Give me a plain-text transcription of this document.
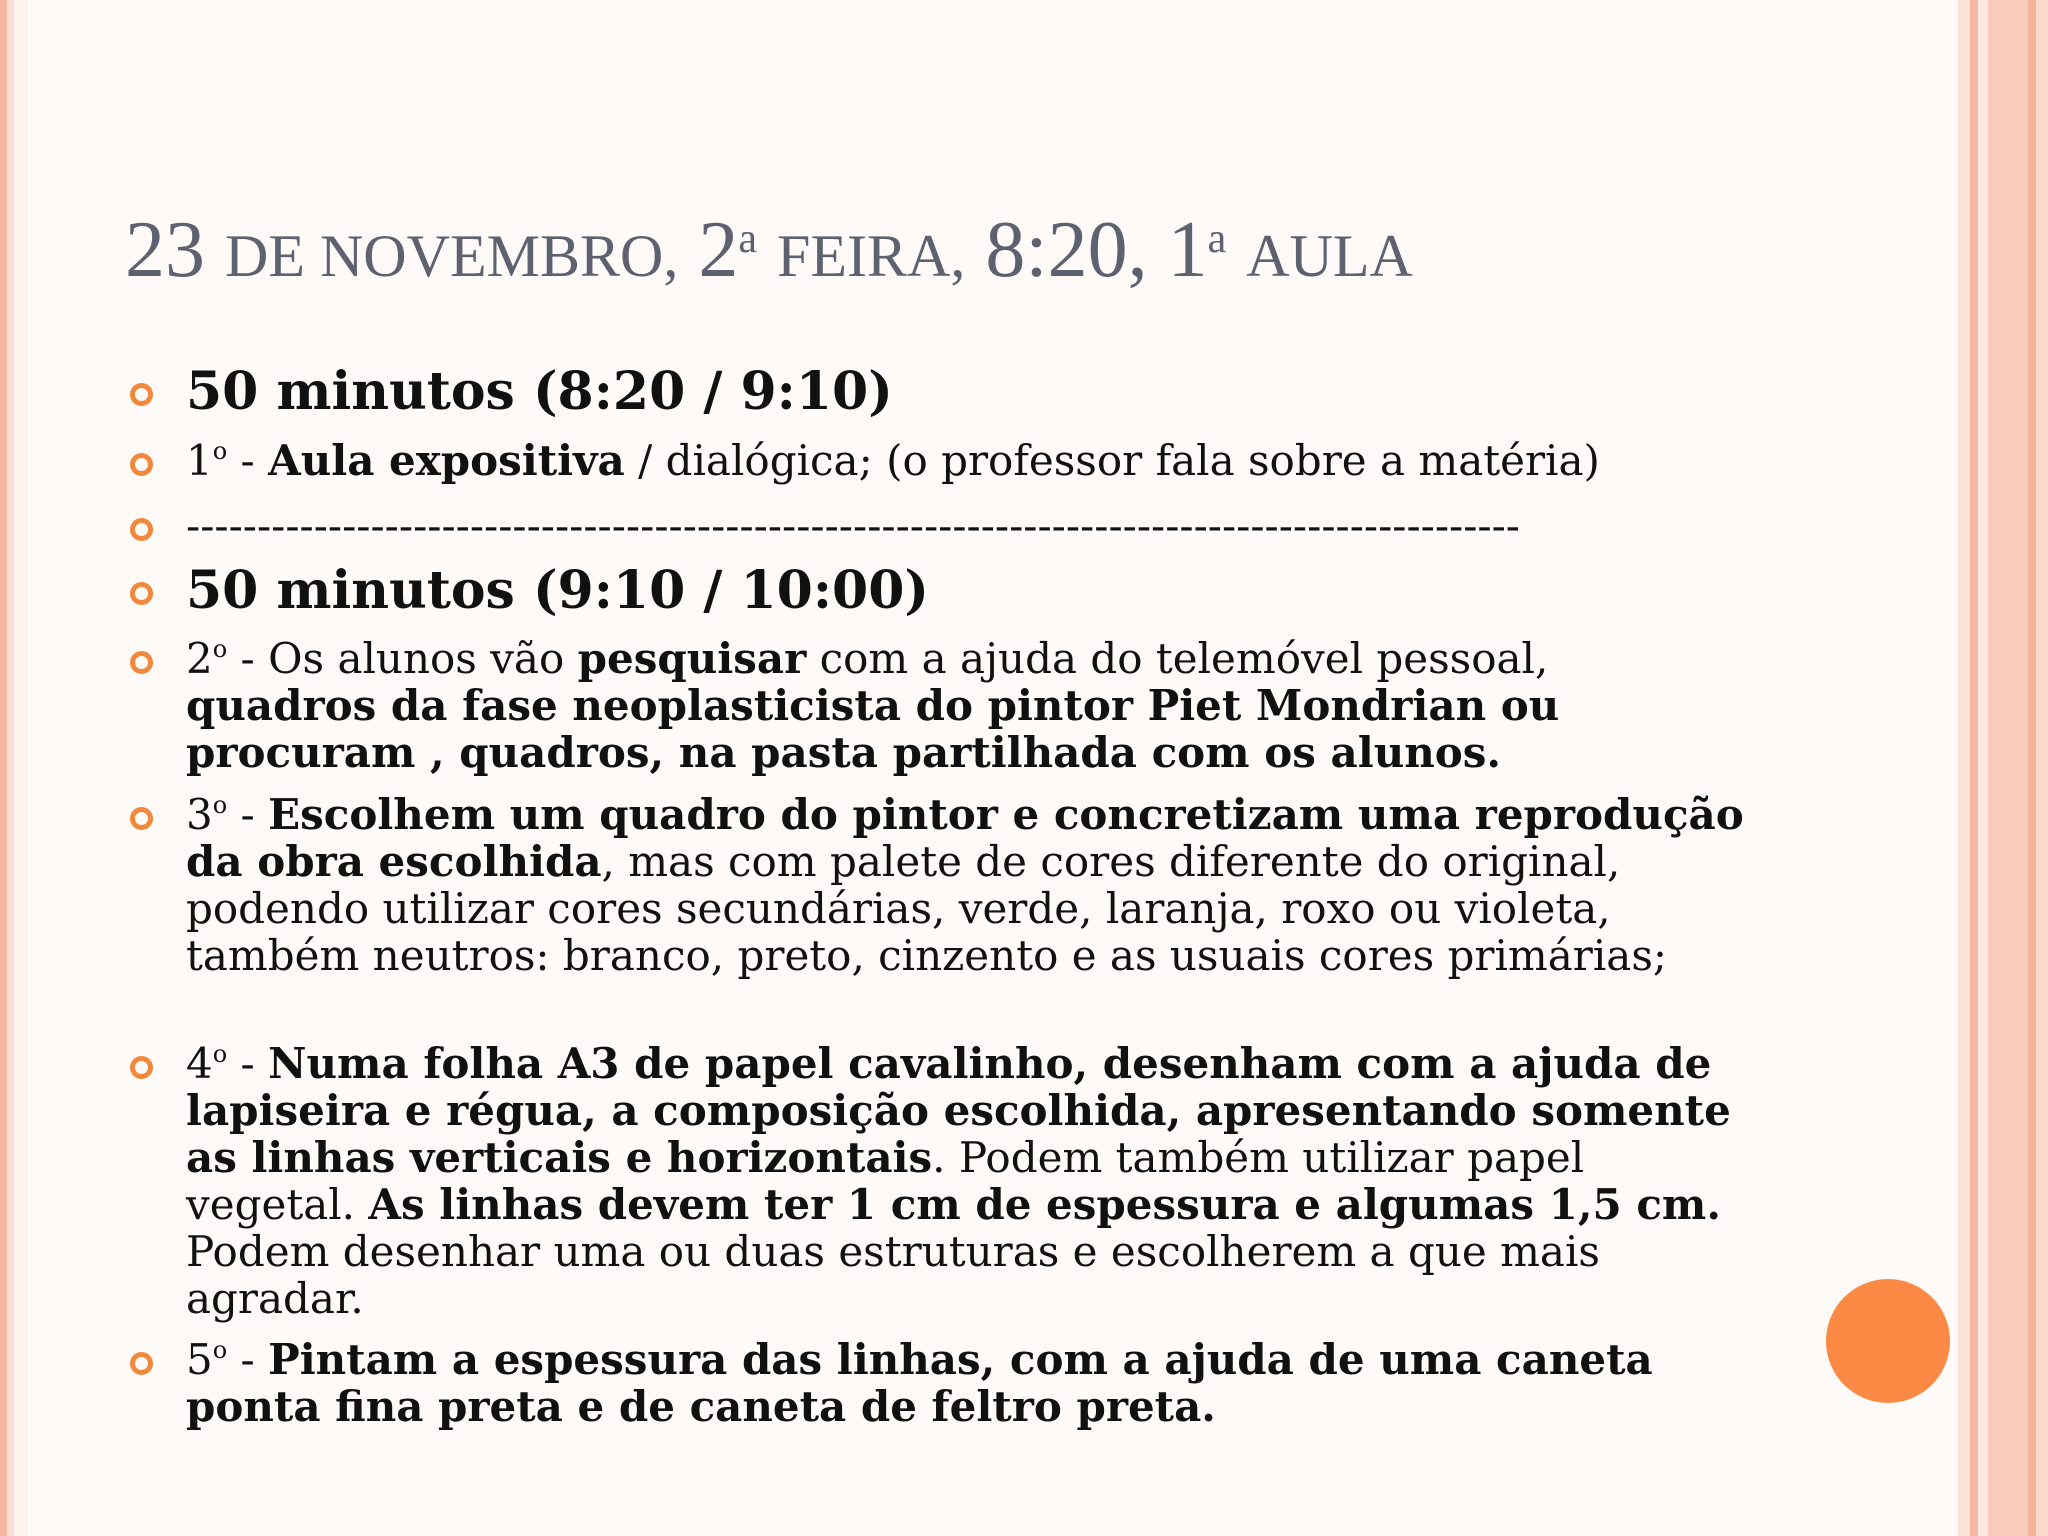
23 DE NOVEMBRO, 2$^a$ FEIRA, 8:20, 1$^a$ AULA
50 minutos (8:20 / 9:10)
1$^o$ - Aula expositiva / dialógica; (o professor fala sobre a matéria)
----------------------------------------------------------------------------------------------
50 minutos (9:10 / 10:00)
2$^o$ - Os alunos vão pesquisar com a ajuda do telemóvel pessoal, quadros da fase neoplasticista do pintor Piet Mondrian ou procuram , quadros, na pasta partilhada com os alunos.
3$^o$ - Escolhem um quadro do pintor e concretizam uma reprodução da obra escolhida, mas com palete de cores diferente do original, podendo utilizar cores secundárias, verde, laranja, roxo ou violeta, também neutros: branco, preto, cinzento e as usuais cores primárias;
4$^o$ - Numa folha A3 de papel cavalinho, desenham com a ajuda de lapiseira e régua, a composição escolhida, apresentando somente as linhas verticais e horizontais. Podem também utilizar papel vegetal. As linhas devem ter 1 cm de espessura e algumas 1,5 cm. Podem desenhar uma ou duas estruturas e escolherem a que mais agradar.
5$^o$ - Pintam a espessura das linhas, com a ajuda de uma caneta ponta fina preta e de caneta de feltro preta.
